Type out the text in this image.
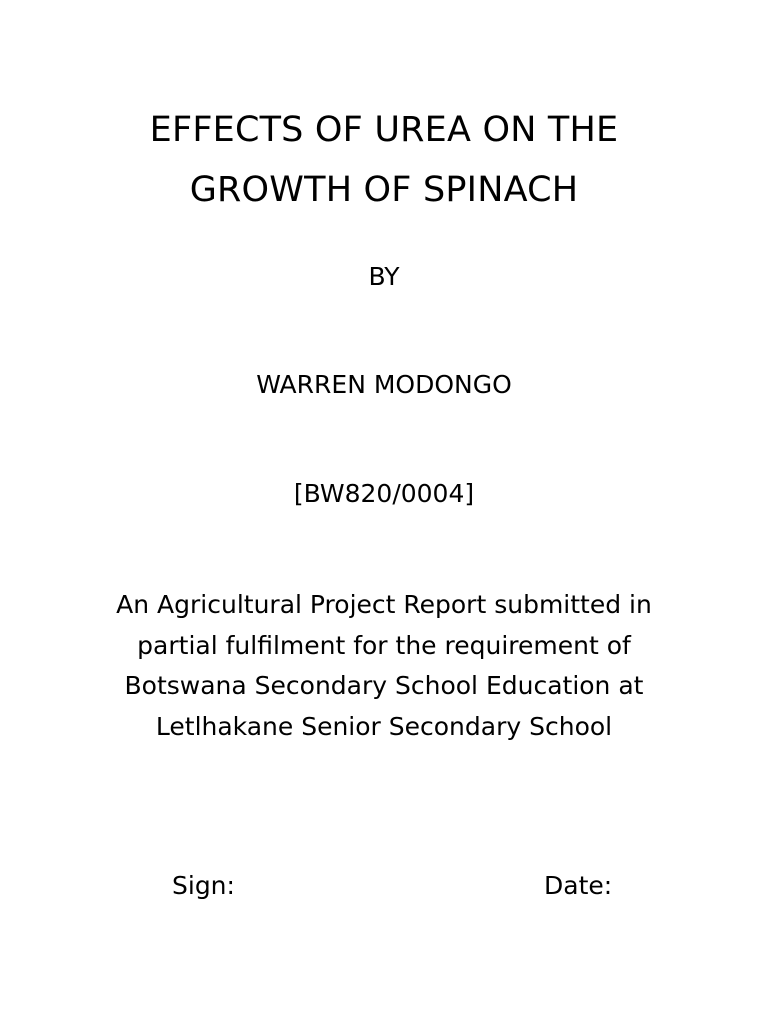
EFFECTS OF UREA ON THE
GROWTH OF SPINACH
BY
WARREN MODONGO
[BW820/0004]
An Agricultural Project Report submitted in
partial fulfilment for the requirement of
Botswana Secondary School Education at
Letlhakane Senior Secondary School
Sign:	Date:
